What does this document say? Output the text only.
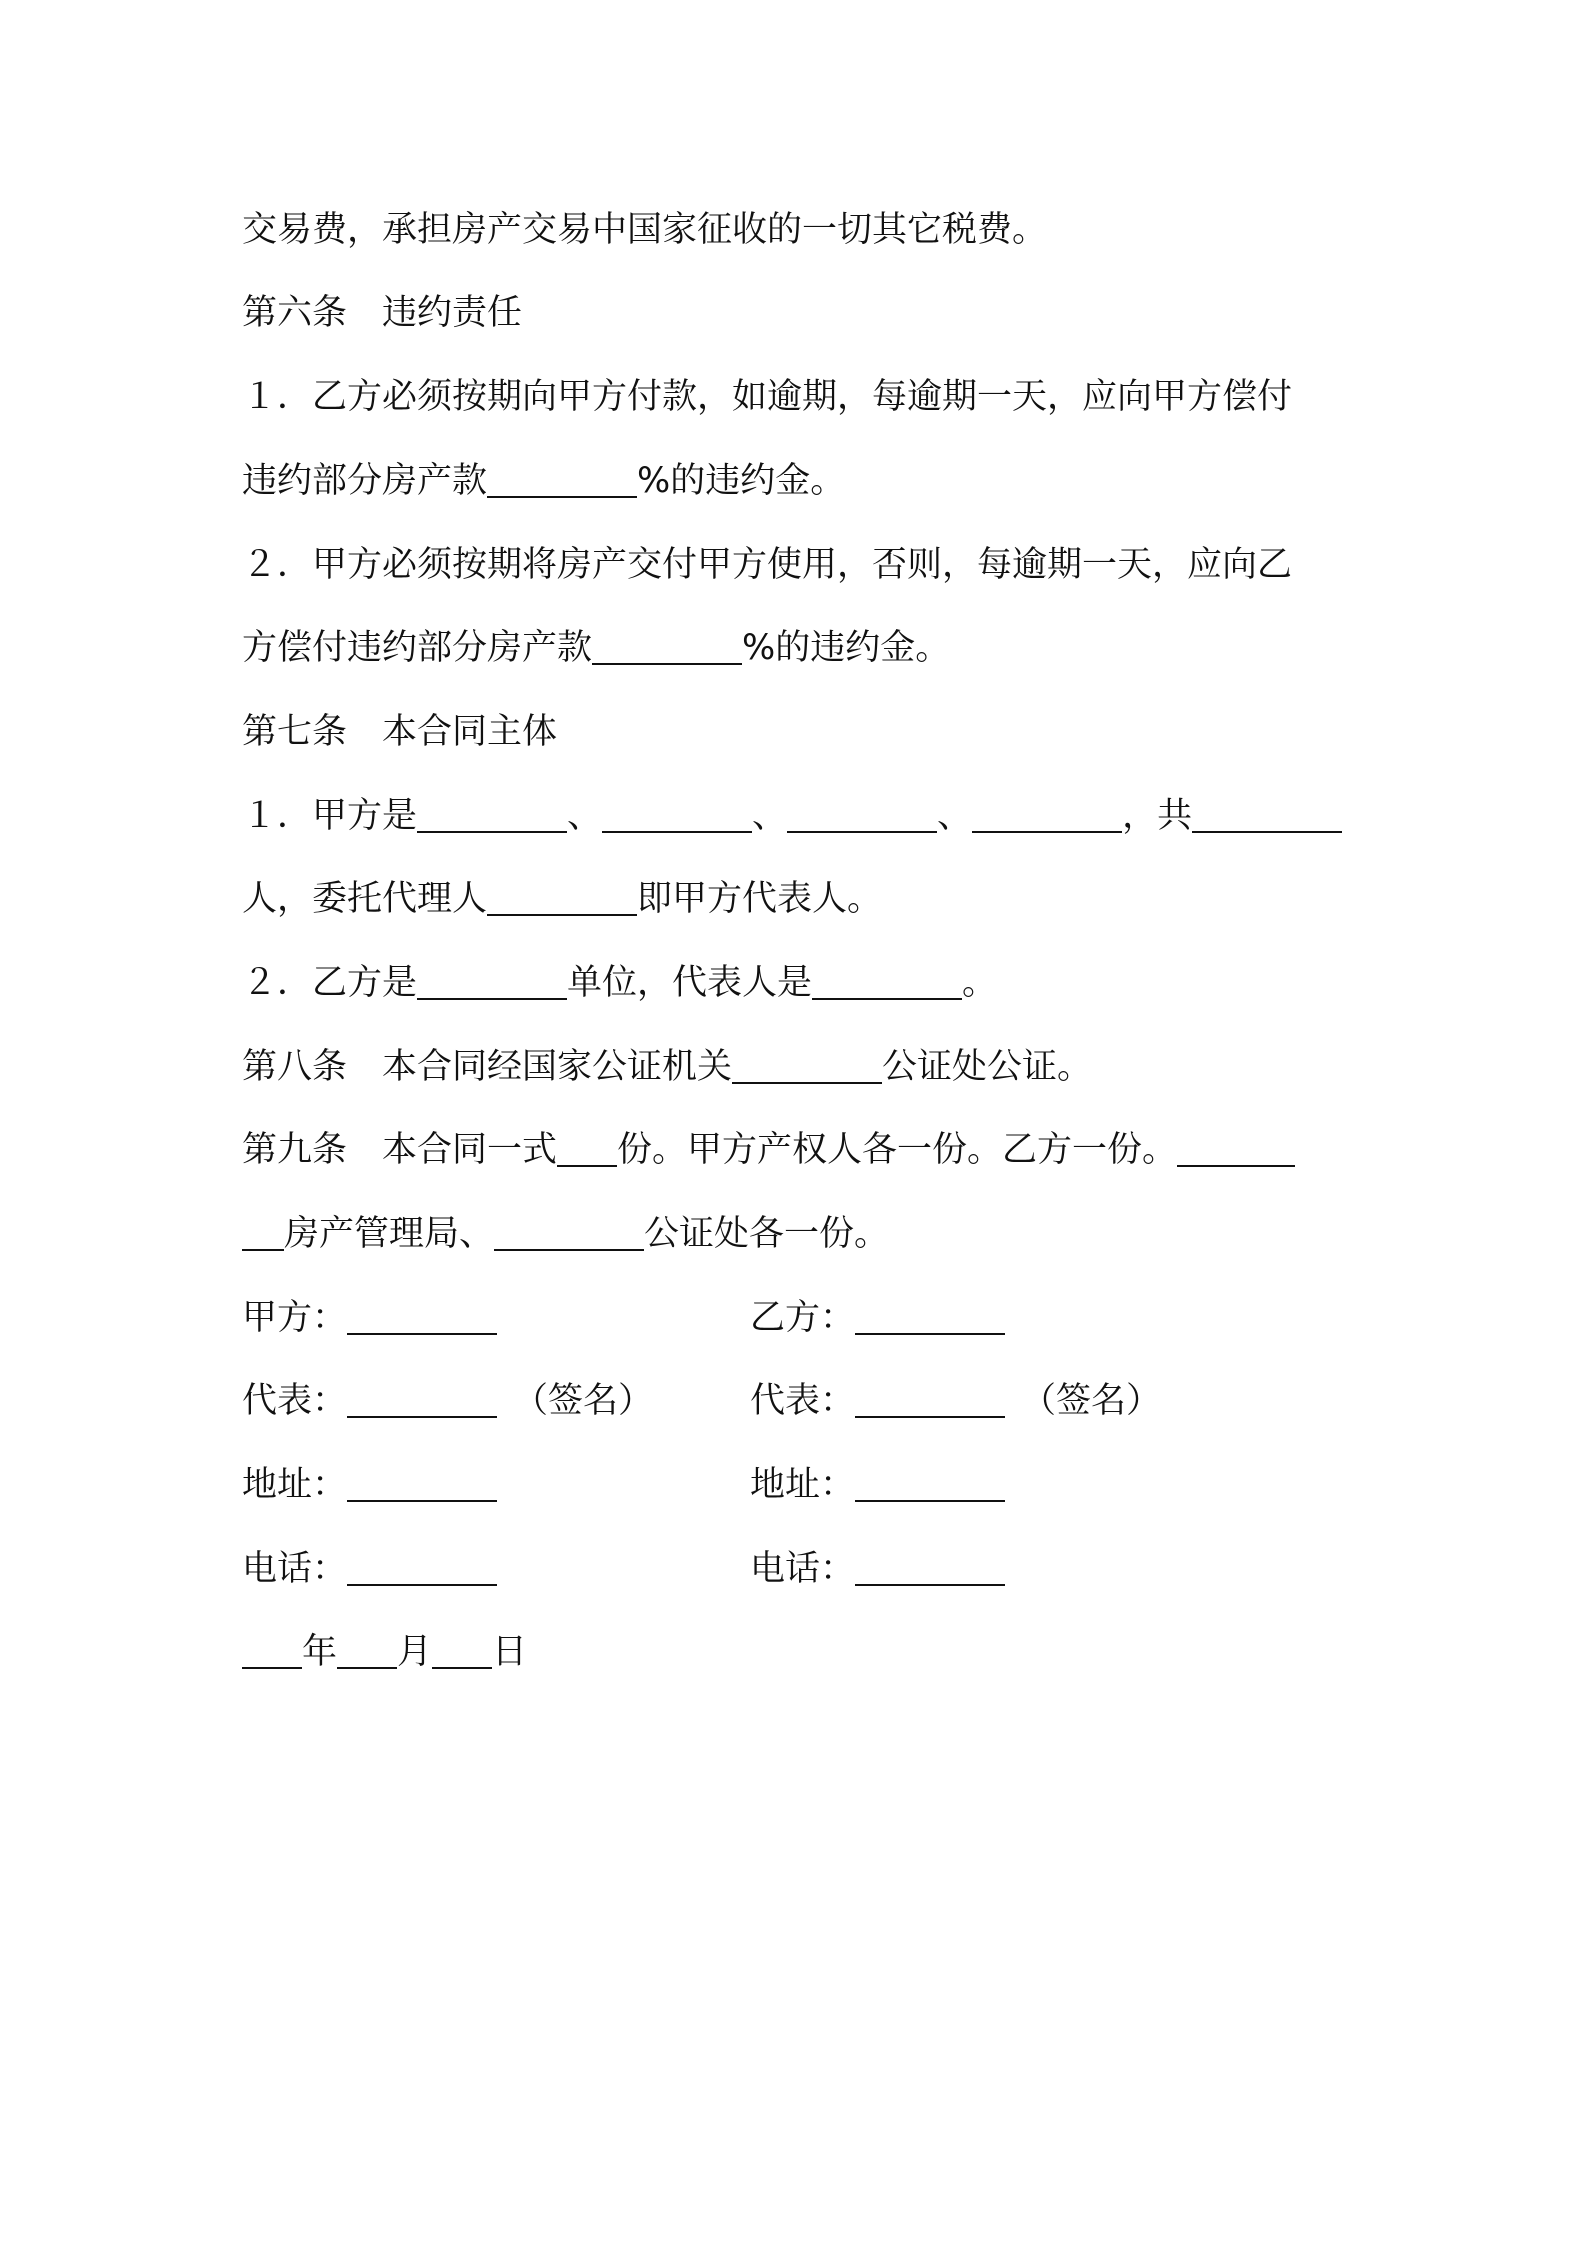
交易费，承担房产交易中国家征收的一切其它税费。
第六条　违约责任
１．乙方必须按期向甲方付款，如逾期，每逾期一天，应向甲方偿付
违约部分房产款	%的违约金。
２．甲方必须按期将房产交付甲方使用，否则，每逾期一天，应向乙
方偿付违约部分房产款	%的违约金。
第七条　本合同主体
１．甲方是	、	、	、	，共
人，委托代理人	即甲方代表人。
２．乙方是	单位，代表人是	。
第八条　本合同经国家公证机关	公证处公证。
第九条　本合同一式 份。甲方产权人各一份。乙方一份。
房产管理局、	公证处各一份。
甲方：	乙方：
代表：	（签名）	代表：	（签名）
地址：	地址：
电话：	电话：
年 月 日
